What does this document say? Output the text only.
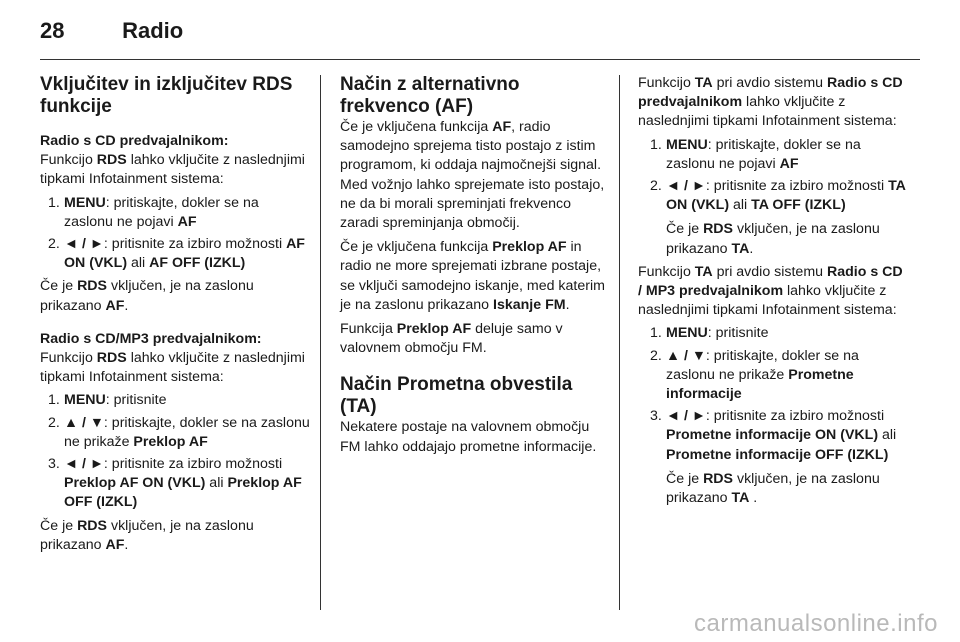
28	Radio
Vključitev in izključitev RDS funkcije

Radio s CD predvajalnikom:

Funkcijo RDS lahko vključite z naslednjimi tipkami Infotainment sistema:

1. MENU: pritiskajte, dokler se na zaslonu ne pojavi AF
2. ◄ / ►: pritisnite za izbiro možnosti AF ON (VKL) ali AF OFF (IZKL)

Če je RDS vključen, je na zaslonu prikazano AF.

Radio s CD/MP3 predvajalnikom:

Funkcijo RDS lahko vključite z naslednjimi tipkami Infotainment sistema:

1. MENU: pritisnite
2. ▲ / ▼: pritiskajte, dokler se na zaslonu ne prikaže Preklop AF
3. ◄ / ►: pritisnite za izbiro možnosti Preklop AF ON (VKL) ali Preklop AF OFF (IZKL)

Če je RDS vključen, je na zaslonu prikazano AF.

Način z alternativno frekvenco (AF)

Če je vključena funkcija AF, radio samodejno sprejema tisto postajo z istim programom, ki oddaja najmočnejši signal. Med vožnjo lahko sprejemate isto postajo, ne da bi morali spreminjati frekvenco zaradi spreminjanja območij.

Če je vključena funkcija Preklop AF in radio ne more sprejemati izbrane postaje, se vključi samodejno iskanje, med katerim je na zaslonu prikazano Iskanje FM.

Funkcija Preklop AF deluje samo v valovnem območju FM.

Način Prometna obvestila (TA)

Nekatere postaje na valovnem območju FM lahko oddajajo prometne informacije.

Funkcijo TA pri avdio sistemu Radio s CD predvajalnikom lahko vključite z naslednjimi tipkami Infotainment sistema:

1. MENU: pritiskajte, dokler se na zaslonu ne pojavi AF
2. ◄ / ►: pritisnite za izbiro možnosti TA ON (VKL) ali TA OFF (IZKL)
Če je RDS vključen, je na zaslonu prikazano TA.

Funkcijo TA pri avdio sistemu Radio s CD / MP3 predvajalnikom lahko vključite z naslednjimi tipkami Infotainment sistema:

1. MENU: pritisnite
2. ▲ / ▼: pritiskajte, dokler se na zaslonu ne prikaže Prometne informacije
3. ◄ / ►: pritisnite za izbiro možnosti Prometne informacije ON (VKL) ali Prometne informacije OFF (IZKL)
Če je RDS vključen, je na zaslonu prikazano TA .
carmanualsonline.info
